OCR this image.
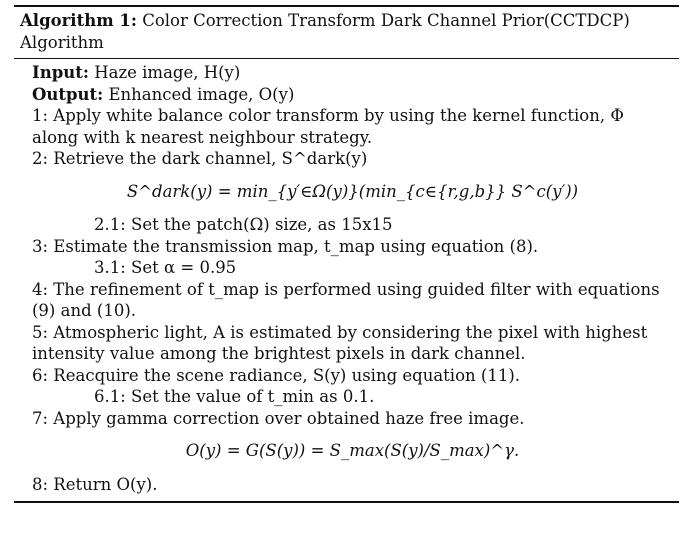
Algorithm 1: Color Correction Transform Dark Channel Prior(CCTDCP) Algorithm
Input: Haze image, H(y)
Output: Enhanced image, O(y)
1: Apply white balance color transform by using the kernel function, Φ along with k nearest neighbour strategy.
2: Retrieve the dark channel, S^dark(y)
S^dark(y) = min_{y′∈Ω(y)}(min_{c∈{r,g,b}} S^c(y′))
2.1: Set the patch(Ω) size, as 15x15
3: Estimate the transmission map, t_map using equation (8).
3.1: Set α = 0.95
4: The refinement of t_map is performed using guided filter with equations (9) and (10).
5: Atmospheric light, A is estimated by considering the pixel with highest intensity value among the brightest pixels in dark channel.
6: Reacquire the scene radiance, S(y) using equation (11).
6.1: Set the value of t_min as 0.1.
7: Apply gamma correction over obtained haze free image.
O(y) = G(S(y)) = S_max(S(y)/S_max)^γ.
8: Return O(y).
